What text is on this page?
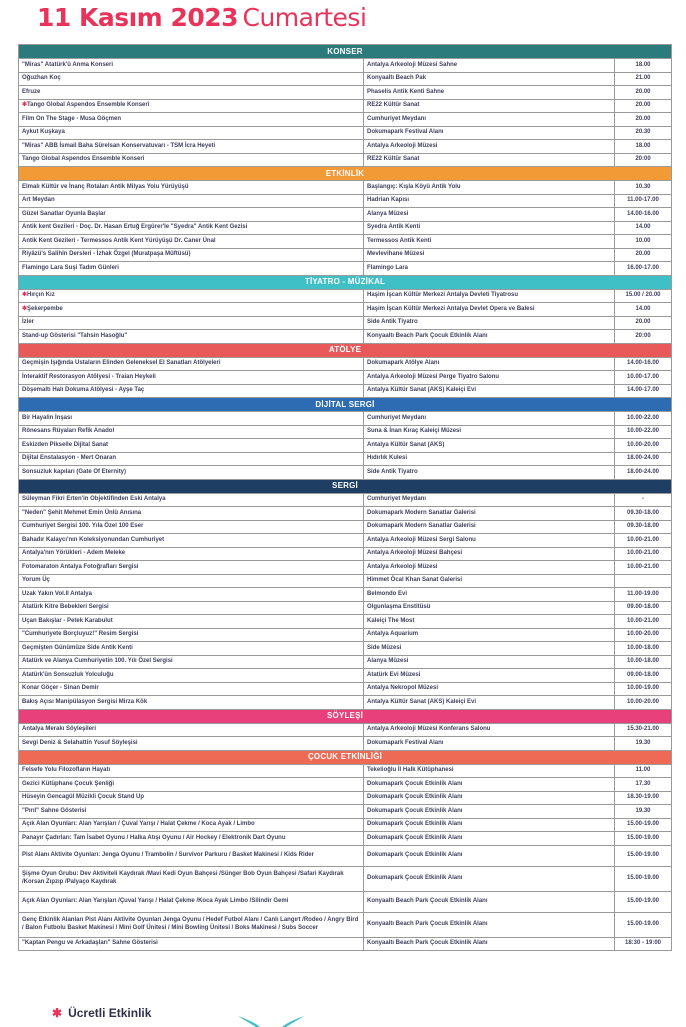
11 Kasım 2023 Cumartesi
KONSER		
"Miras" Atatürk'ü Anma Konseri	Antalya Arkeoloji Müzesi Sahne	18.00
Oğuzhan Koç	Konyaaltı Beach Pak	21.00
Efruze	Phaselis Antik Kenti Sahne	20.00
✱Tango Global Aspendos Ensemble Konseri	RE22 Kültür Sanat	20.00
Film On The Stage - Musa Göçmen	Cumhuriyet Meydanı	20.00
Aykut Kuşkaya	Dokumapark Festival Alanı	20.30
"Miras" ABB İsmail Baha Sürelsan Konservatuvarı - TSM İcra Heyeti	Antalya Arkeoloji Müzesi	18.00
Tango Global Aspendos Ensemble Konseri	RE22 Kültür Sanat	20:00
ETKİNLİK		
Elmalı Kültür ve İnanç Rotaları Antik Milyas Yolu Yürüyüşü	Başlangıç: Kışla Köyü Antik Yolu	10.30
Art Meydan	Hadrian Kapısı	11.00-17.00
Güzel Sanatlar Oyunla Başlar	Alanya Müzesi	14.00-16.00
Antik kent Gezileri - Doç. Dr. Hasan Ertuğ Ergürer'le "Syedra" Antik Kent Gezisi	Syedra Antik Kenti	14.00
Antik Kent Gezileri - Termessos Antik Kent Yürüyüşü Dr. Caner Ünal	Termessos Antik Kenti	10.00
Riyâzü's Salihîn Dersleri - İzhak Özgel (Muratpaşa Müftüsü)	Mevlevihane Müzesi	20.00
Flamingo Lara Suşi Tadım Günleri	Flamingo Lara	16.00-17.00
TİYATRO - MÜZİKAL		
✱Hırçın Kız	Haşim İşcan Kültür Merkezi Antalya Devleti Tiyatrosu	15.00 / 20.00
✱Şekerpembe	Haşim İşcan Kültür Merkezi Antalya Devlet Opera ve Balesi	14.00
İzler	Side Antik Tiyatro	20.00
Stand-up Gösterisi "Tahsin Hasoğlu"	Konyaaltı Beach Park Çocuk Etkinlik Alanı	20:00
ATÖLYE		
Geçmişin Işığında Ustaların Elinden Geleneksel El Sanatları Atölyeleri	Dokumapark Atölye Alanı	14.00-16.00
İnteraktif Restorasyon Atölyesi - Traian Heykeli	Antalya Arkeoloji Müzesi Perge Tiyatro Salonu	10.00-17.00
Döşemaltı Halı Dokuma Atölyesi - Ayşe Taç	Antalya Kültür Sanat (AKS) Kaleiçi Evi	14.00-17.00
DİJİTAL SERGİ		
Bir Hayalin İnşası	Cumhuriyet Meydanı	10.00-22.00
Rönesans Rüyaları Refik Anadol	Suna & İnan Kıraç Kaleiçi Müzesi	10.00-22.00
Eskizden Pikselle Dijital Sanat	Antalya Kültür Sanat (AKS)	10.00-20.00
Dijital Enstalasyon - Mert Onaran	Hıdırlık Kulesi	18.00-24.00
Sonsuzluk kapıları (Gate Of Eternity)	Side Antik Tiyatro	18.00-24.00
SERGİ		
Süleyman Fikri Erten'in Objektifinden Eski Antalya	Cumhuriyet Meydanı	-
"Neden" Şehit Mehmet Emin Ünlü Anısına	Dokumapark Modern Sanatlar Galerisi	09.30-18.00
Cumhuriyet Sergisi 100. Yıla Özel 100 Eser	Dokumapark Modern Sanatlar Galerisi	09.30-18.00
Bahadır Kalaycı'nın Koleksiyonundan Cumhuriyet	Antalya Arkeoloji Müzesi Sergi Salonu	10.00-21.00
Antalya'nın Yörükleri - Adem Meleke	Antalya Arkeoloji Müzesi Bahçesi	10.00-21.00
Fotomaraton Antalya Fotoğrafları Sergisi	Antalya Arkeoloji Müzesi	10.00-21.00
Yorum Üç	Himmet Öcal Khan Sanat Galerisi	
Uzak Yakın Vol.II Antalya	Belmondo Evi	11.00-19.00
Atatürk Kitre Bebekleri Sergisi	Olgunlaşma Enstitüsü	09.00-18.00
Uçan Bakışlar - Petek Karabulut	Kaleiçi The Most	10.00-21.00
"Cumhuriyete Borçluyuz!" Resim Sergisi	Antalya Aquarium	10.00-20.00
Geçmişten Günümüze Side Antik Kenti	Side Müzesi	10.00-18.00
Atatürk ve Alanya Cumhuriyetin 100. Yılı Özel Sergisi	Alanya Müzesi	10.00-18.00
Atatürk'ün Sonsuzluk Yolculuğu	Atatürk Evi Müzesi	09.00-18.00
Konar Göçer - Sinan Demir	Antalya Nekropol Müzesi	10.00-19.00
Bakış Açısı Manipülasyon Sergisi Mirza Kök	Antalya Kültür Sanat (AKS) Kaleiçi Evi	10.00-20.00
SÖYLEŞİ		
Antalya Merakı Söyleşileri	Antalya Arkeoloji Müzesi Konferans Salonu	15.30-21.00
Sevgi Deniz & Selahattin Yusuf Söyleşisi	Dokumapark Festival Alanı	19.30
ÇOCUK ETKİNLİĞİ		
Felsefe Yolu Filozofların Hayatı	Tekelioğlu İl Halk Kütüphanesi	11.00
Gezici Kütüphane Çocuk Şenliği	Dokumapark Çocuk Etkinlik Alanı	17.30
Hüseyin Gencagül Müzikli Çocuk Stand Up	Dokumapark Çocuk Etkinlik Alanı	18.30-19.00
"Pırıl" Sahne Gösterisi	Dokumapark Çocuk Etkinlik Alanı	19.30
Açık Alan Oyunları: Alan Yarışları / Çuval Yarışı / Halat Çekme / Koca Ayak / Limbo	Dokumapark Çocuk Etkinlik Alanı	15.00-19.00
Panayır Çadırları: Tam İsabet Oyunu / Halka Atışı Oyunu / Air Hockey / Elektronik Dart Oyunu	Dokumapark Çocuk Etkinlik Alanı	15.00-19.00
Pist Alanı Aktivite Oyunları: Jenga Oyunu / Trambolin / Survivor Parkuru / Basket Makinesi / Kids Rider	Dokumapark Çocuk Etkinlik Alanı	15.00-19.00
Şişme Oyun Grubu: Dev Aktiviteli Kaydırak /Mavi Kedi Oyun Bahçesi /Sünger Bob Oyun Bahçesi /Safari Kaydırak /Korsan Zıpzıp /Palyaço Kaydırak	Dokumapark Çocuk Etkinlik Alanı	15.00-19.00
Açık Alan Oyunları: Alan Yarışları /Çuval Yarışı / Halat Çekme /Koca Ayak Limbo /Silindir Gemi	Konyaaltı Beach Park Çocuk Etkinlik Alanı	15.00-19.00
Genç Etkinlik Alanları Pist Alanı Aktivite Oyunları Jenga Oyunu / Hedef Futbol Alanı / Canlı Langırt /Rodeo / Angry Bird / Balon Futbolu Basket Makinesi / Mini Golf Ünitesi / Mini Bowling Ünitesi / Boks Makinesi / Subs Soccer	Konyaaltı Beach Park Çocuk Etkinlik Alanı	15.00-19.00
"Kaptan Pengu ve Arkadaşları" Sahne Gösterisi	Konyaaltı Beach Park Çocuk Etkinlik Alanı	18:30 - 19:00
✱ Ücretli Etkinlik
